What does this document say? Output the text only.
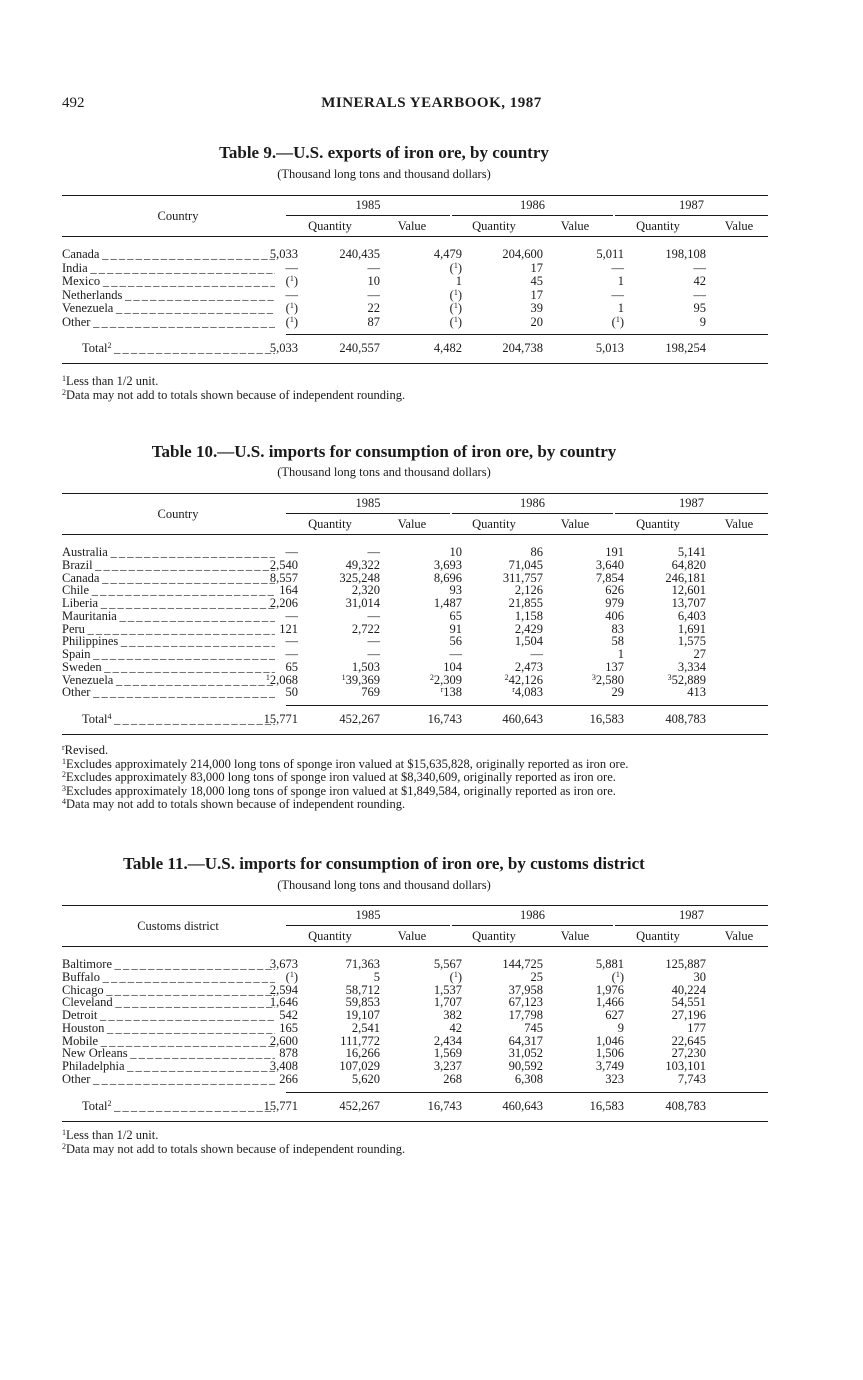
492	MINERALS YEARBOOK, 1987
Table 9.—U.S. exports of iron ore, by country
(Thousand long tons and thousand dollars)
Country
1985	1986	1987
Quantity	Value	Quantity	Value	Quantity	Value
Canada _ _ _	5,033	240,435	4,479	204,600	5,011	198,108
India _ _ _	—	—	($^1$)	17	—	—
Mexico _ _ _	($^1$)	10	1	45	1	42
Netherlands _ _ _	—	—	($^1$)	17	—	—
Venezuela _ _ _	($^1$)	22	($^1$)	39	1	95
Other _ _ _	($^1$)	87	($^1$)	20	($^1$)	9
Total$^2$ _ _ _	5,033	240,557	4,482	204,738	5,013	198,254
$^1$Less than 1/2 unit.
$^2$Data may not add to totals shown because of independent rounding.
Table 10.—U.S. imports for consumption of iron ore, by country
(Thousand long tons and thousand dollars)
Country
1985	1986	1987
Quantity	Value	Quantity	Value	Quantity	Value
Australia _ _ _	—	—	10	86	191	5,141
Brazil _ _ _	2,540	49,322	3,693	71,045	3,640	64,820
Canada _ _ _	8,557	325,248	8,696	311,757	7,854	246,181
Chile _ _ _	164	2,320	93	2,126	626	12,601
Liberia _ _ _	2,206	31,014	1,487	21,855	979	13,707
Mauritania _ _ _	—	—	65	1,158	406	6,403
Peru _ _ _	121	2,722	91	2,429	83	1,691
Philippines _ _ _	—	—	56	1,504	58	1,575
Spain _ _ _	—	—	—	—	1	27
Sweden _ _ _	65	1,503	104	2,473	137	3,334
Venezuela _ _ _	$^1$2,068	$^1$39,369	$^2$2,309	$^2$42,126	$^3$2,580	$^3$52,889
Other _ _ _	50	769	$^r$138	$^r$4,083	29	413
Total$^4$ _ _ _	15,771	452,267	16,743	460,643	16,583	408,783
$^r$Revised.
$^1$Excludes approximately 214,000 long tons of sponge iron valued at $15,635,828, originally reported as iron ore.
$^2$Excludes approximately 83,000 long tons of sponge iron valued at $8,340,609, originally reported as iron ore.
$^3$Excludes approximately 18,000 long tons of sponge iron valued at $1,849,584, originally reported as iron ore.
$^4$Data may not add to totals shown because of independent rounding.
Table 11.—U.S. imports for consumption of iron ore, by customs district
(Thousand long tons and thousand dollars)
Customs district
1985	1986	1987
Quantity	Value	Quantity	Value	Quantity	Value
Baltimore _ _ _	3,673	71,363	5,567	144,725	5,881	125,887
Buffalo _ _ _	($^1$)	5	($^1$)	25	($^1$)	30
Chicago _ _ _	2,594	58,712	1,537	37,958	1,976	40,224
Cleveland _ _ _	1,646	59,853	1,707	67,123	1,466	54,551
Detroit _ _ _	542	19,107	382	17,798	627	27,196
Houston _ _ _	165	2,541	42	745	9	177
Mobile _ _ _	2,600	111,772	2,434	64,317	1,046	22,645
New Orleans _ _ _	878	16,266	1,569	31,052	1,506	27,230
Philadelphia _ _ _	3,408	107,029	3,237	90,592	3,749	103,101
Other _ _ _	266	5,620	268	6,308	323	7,743
Total$^2$ _ _ _	15,771	452,267	16,743	460,643	16,583	408,783
$^1$Less than 1/2 unit.
$^2$Data may not add to totals shown because of independent rounding.
